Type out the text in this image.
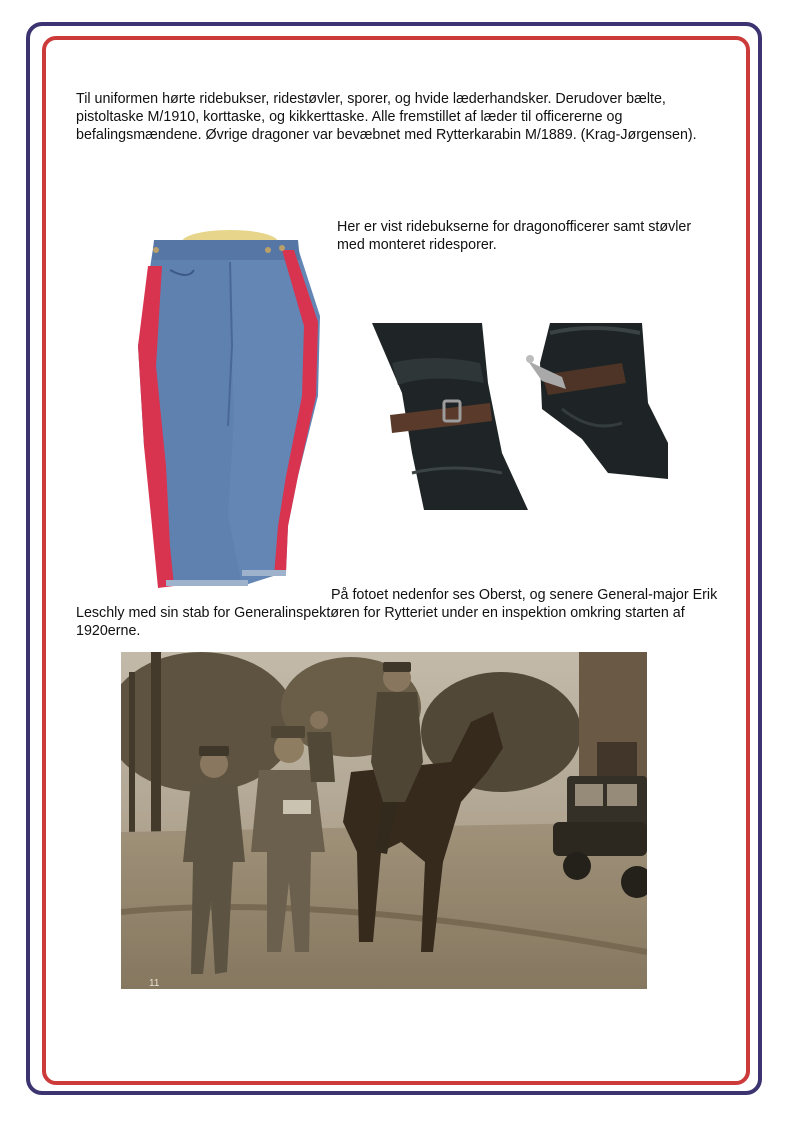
Til uniformen hørte ridebukser, ridestøvler, sporer, og hvide læderhandsker. Derudover bælte, pistoltaske M/1910, korttaske, og kikkerttaske. Alle fremstillet af læder til officererne og befalingsmændene. Øvrige dragoner var bevæbnet med Rytterkarabin M/1889. (Krag-Jørgensen).

Her er vist ridebukserne for dragonofficerer samt støvler med monteret ridesporer.

På fotoet nedenfor ses Oberst, og senere General-major Erik Leschly med sin stab for Generalinspektøren for Rytteriet under en inspektion omkring starten af 1920erne.

11
